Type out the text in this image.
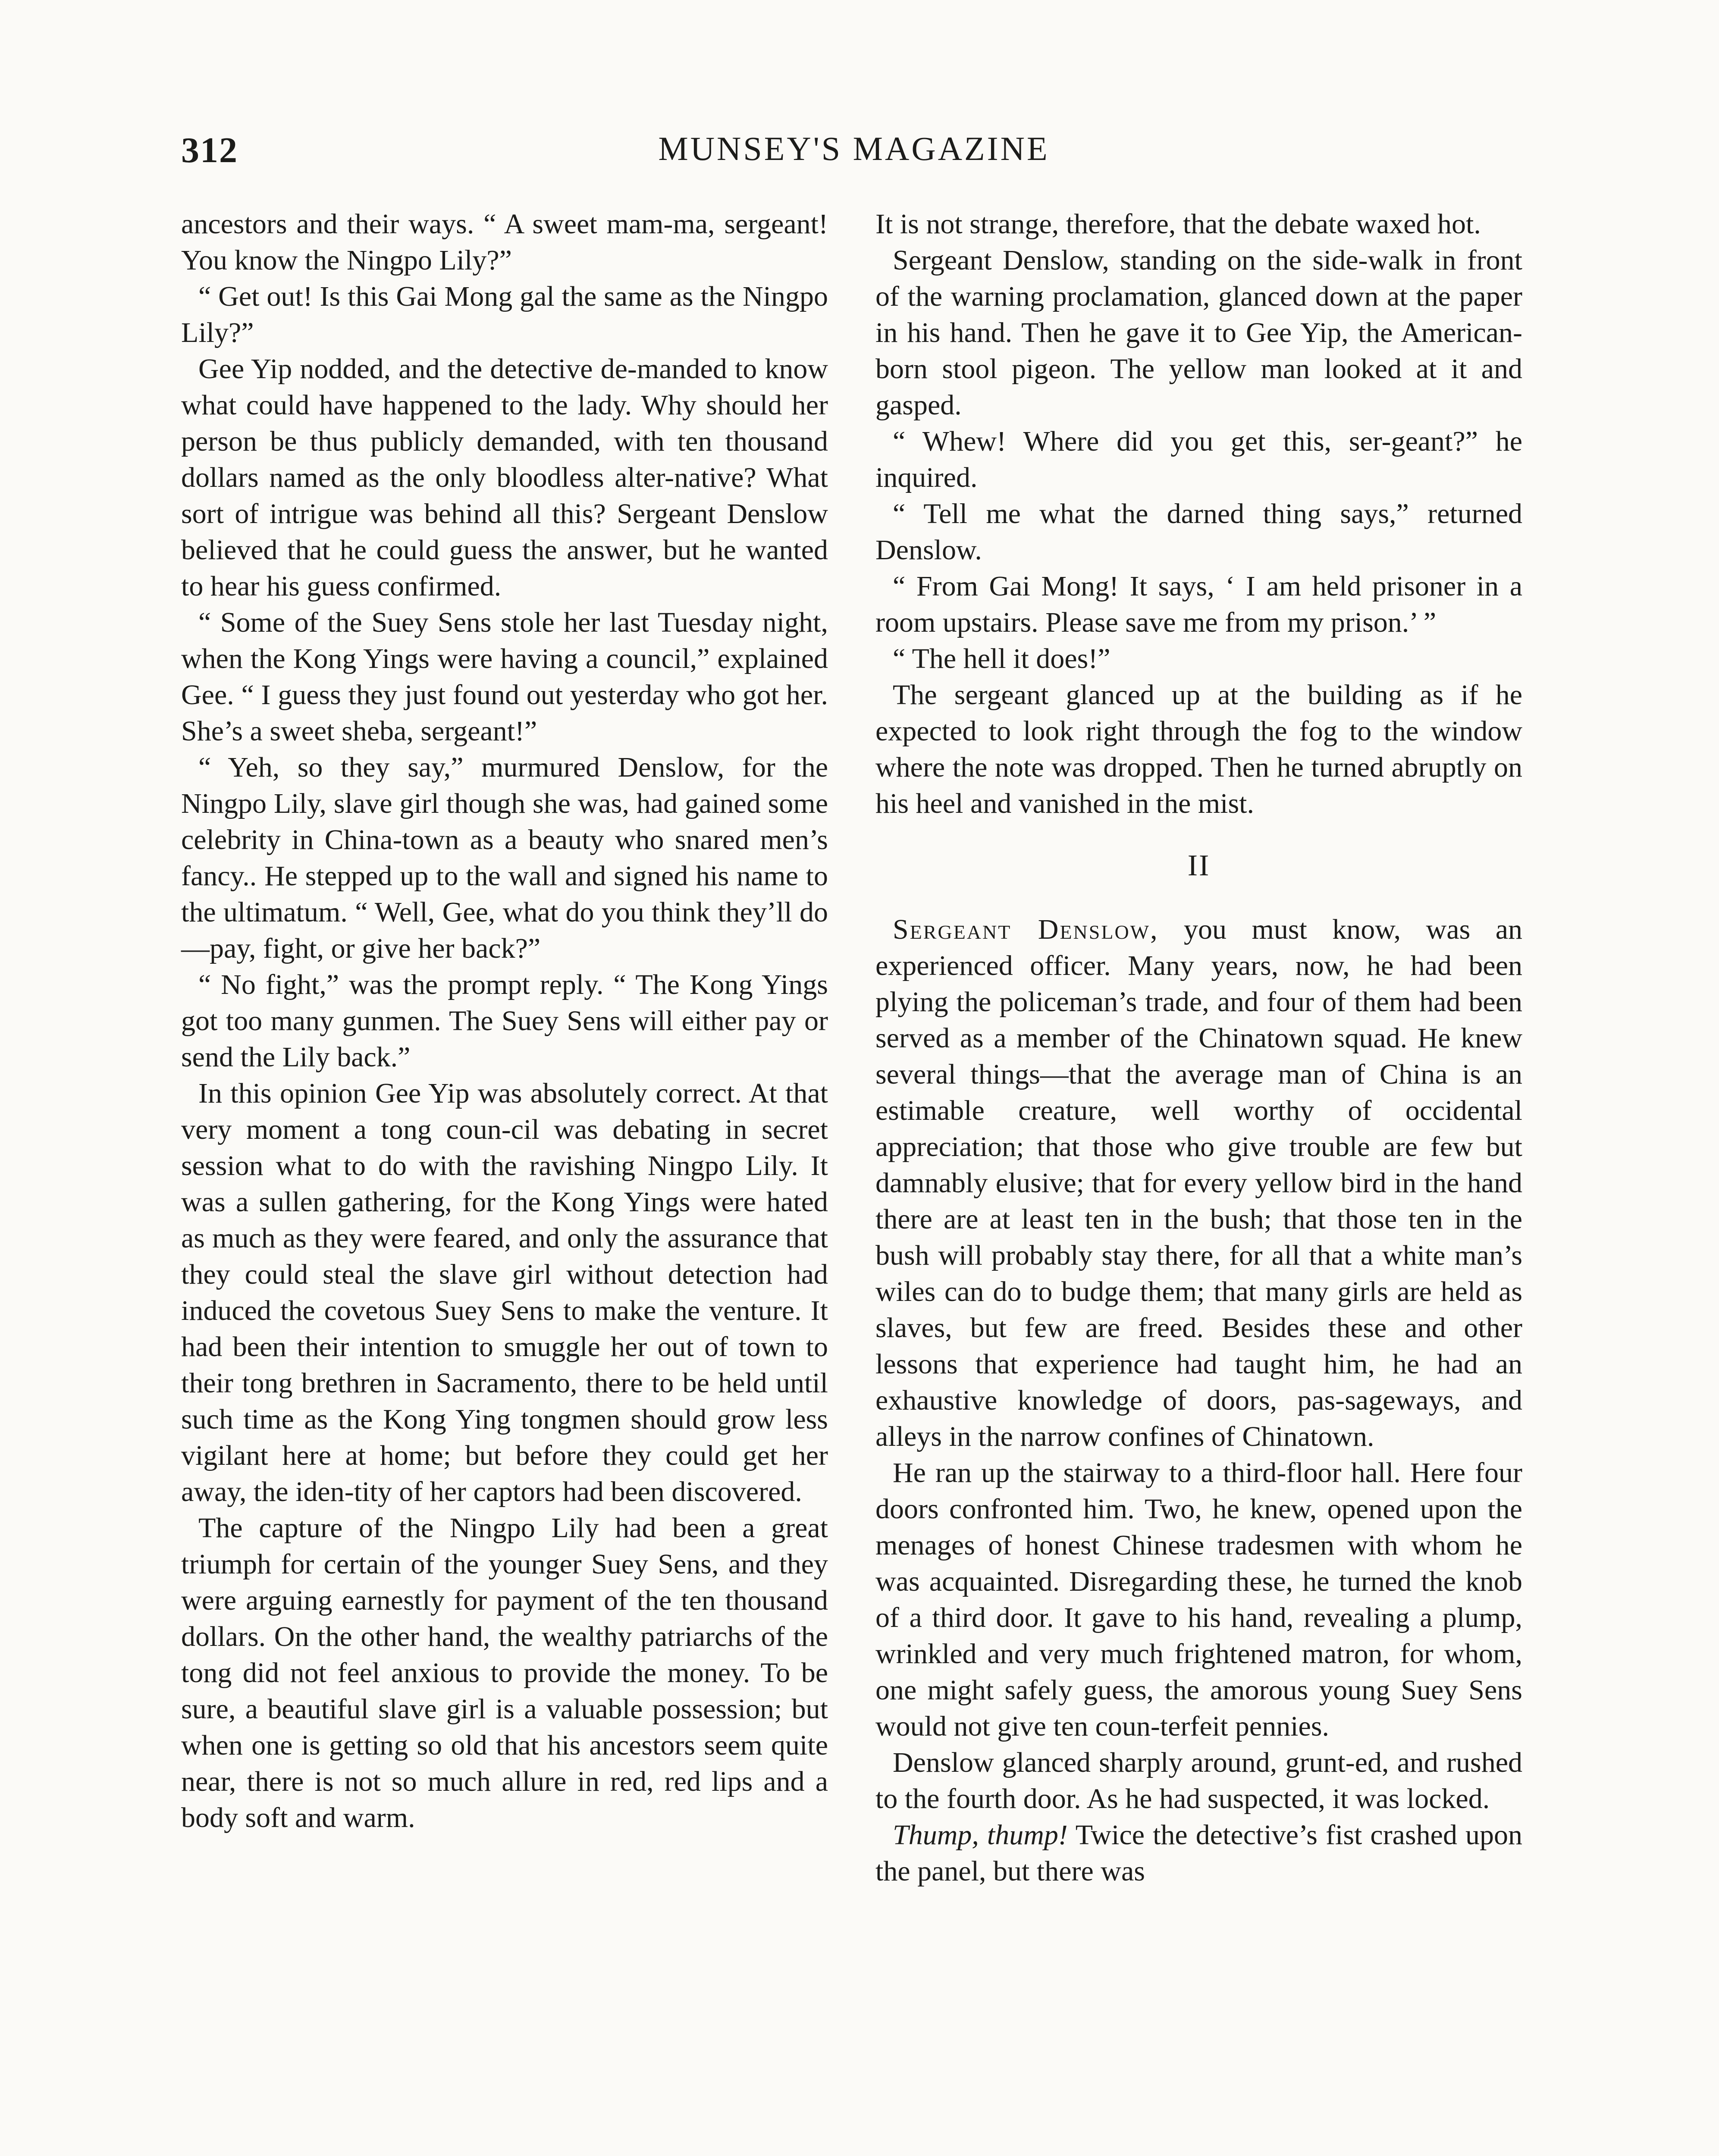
312	MUNSEY'S MAGAZINE

ancestors and their ways. “ A sweet mam-ma, sergeant! You know the Ningpo Lily?”

“ Get out! Is this Gai Mong gal the same as the Ningpo Lily?”

Gee Yip nodded, and the detective de-manded to know what could have happened to the lady. Why should her person be thus publicly demanded, with ten thousand dollars named as the only bloodless alter-native? What sort of intrigue was behind all this? Sergeant Denslow believed that he could guess the answer, but he wanted to hear his guess confirmed.

“ Some of the Suey Sens stole her last Tuesday night, when the Kong Yings were having a council,” explained Gee. “ I guess they just found out yesterday who got her. She’s a sweet sheba, sergeant!”

“ Yeh, so they say,” murmured Denslow, for the Ningpo Lily, slave girl though she was, had gained some celebrity in China-town as a beauty who snared men’s fancy.. He stepped up to the wall and signed his name to the ultimatum. “ Well, Gee, what do you think they’ll do—pay, fight, or give her back?”

“ No fight,” was the prompt reply. “ The Kong Yings got too many gunmen. The Suey Sens will either pay or send the Lily back.”

In this opinion Gee Yip was absolutely correct. At that very moment a tong coun-cil was debating in secret session what to do with the ravishing Ningpo Lily. It was a sullen gathering, for the Kong Yings were hated as much as they were feared, and only the assurance that they could steal the slave girl without detection had induced the covetous Suey Sens to make the venture. It had been their intention to smuggle her out of town to their tong brethren in Sacramento, there to be held until such time as the Kong Ying tongmen should grow less vigilant here at home; but before they could get her away, the iden-tity of her captors had been discovered.

The capture of the Ningpo Lily had been a great triumph for certain of the younger Suey Sens, and they were arguing earnestly for payment of the ten thousand dollars. On the other hand, the wealthy patriarchs of the tong did not feel anxious to provide the money. To be sure, a beautiful slave girl is a valuable possession; but when one is getting so old that his ancestors seem quite near, there is not so much allure in red, red lips and a body soft and warm.

It is not strange, therefore, that the debate waxed hot.

Sergeant Denslow, standing on the side-walk in front of the warning proclamation, glanced down at the paper in his hand. Then he gave it to Gee Yip, the American-born stool pigeon. The yellow man looked at it and gasped.

“ Whew! Where did you get this, ser-geant?” he inquired.

“ Tell me what the darned thing says,” returned Denslow.

“ From Gai Mong! It says, ‘ I am held prisoner in a room upstairs. Please save me from my prison.’ ”

“ The hell it does!”

The sergeant glanced up at the building as if he expected to look right through the fog to the window where the note was dropped. Then he turned abruptly on his heel and vanished in the mist.

II

Sergeant Denslow, you must know, was an experienced officer. Many years, now, he had been plying the policeman’s trade, and four of them had been served as a member of the Chinatown squad. He knew several things—that the average man of China is an estimable creature, well worthy of occidental appreciation; that those who give trouble are few but damnably elusive; that for every yellow bird in the hand there are at least ten in the bush; that those ten in the bush will probably stay there, for all that a white man’s wiles can do to budge them; that many girls are held as slaves, but few are freed. Besides these and other lessons that experience had taught him, he had an exhaustive knowledge of doors, pas-sageways, and alleys in the narrow confines of Chinatown.

He ran up the stairway to a third-floor hall. Here four doors confronted him. Two, he knew, opened upon the menages of honest Chinese tradesmen with whom he was acquainted. Disregarding these, he turned the knob of a third door. It gave to his hand, revealing a plump, wrinkled and very much frightened matron, for whom, one might safely guess, the amorous young Suey Sens would not give ten coun-terfeit pennies.

Denslow glanced sharply around, grunt-ed, and rushed to the fourth door. As he had suspected, it was locked.

Thump, thump! Twice the detective’s fist crashed upon the panel, but there was
